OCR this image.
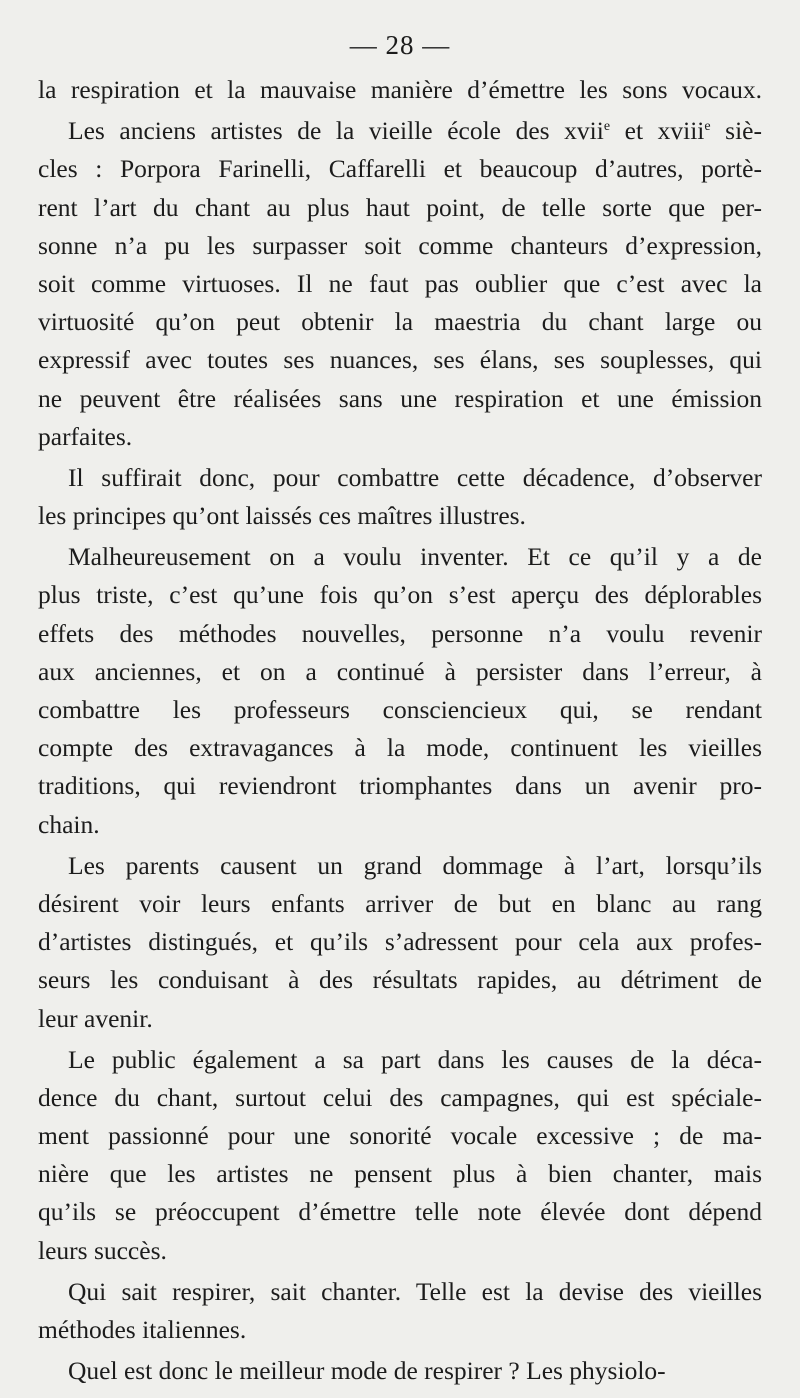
— 28 —
la respiration et la mauvaise manière d’émettre les sons vocaux.
Les anciens artistes de la vieille école des xvii$^e$ et xviii$^e$ siè-
cles : Porpora Farinelli, Caffarelli et beaucoup d’autres, portè-
rent l’art du chant au plus haut point, de telle sorte que per-
sonne n’a pu les surpasser soit comme chanteurs d’expression,
soit comme virtuoses. Il ne faut pas oublier que c’est avec la
virtuosité qu’on peut obtenir la maestria du chant large ou
expressif avec toutes ses nuances, ses élans, ses souplesses, qui
ne peuvent être réalisées sans une respiration et une émission
parfaites.
Il suffirait donc, pour combattre cette décadence, d’observer
les principes qu’ont laissés ces maîtres illustres.
Malheureusement on a voulu inventer. Et ce qu’il y a de
plus triste, c’est qu’une fois qu’on s’est aperçu des déplorables
effets des méthodes nouvelles, personne n’a voulu revenir
aux anciennes, et on a continué à persister dans l’erreur, à
combattre les professeurs consciencieux qui, se rendant
compte des extravagances à la mode, continuent les vieilles
traditions, qui reviendront triomphantes dans un avenir pro-
chain.
Les parents causent un grand dommage à l’art, lorsqu’ils
désirent voir leurs enfants arriver de but en blanc au rang
d’artistes distingués, et qu’ils s’adressent pour cela aux profes-
seurs les conduisant à des résultats rapides, au détriment de
leur avenir.
Le public également a sa part dans les causes de la déca-
dence du chant, surtout celui des campagnes, qui est spéciale-
ment passionné pour une sonorité vocale excessive ; de ma-
nière que les artistes ne pensent plus à bien chanter, mais
qu’ils se préoccupent d’émettre telle note élevée dont dépend
leurs succès.
Qui sait respirer, sait chanter. Telle est la devise des vieilles
méthodes italiennes.
Quel est donc le meilleur mode de respirer ? Les physiolo-
